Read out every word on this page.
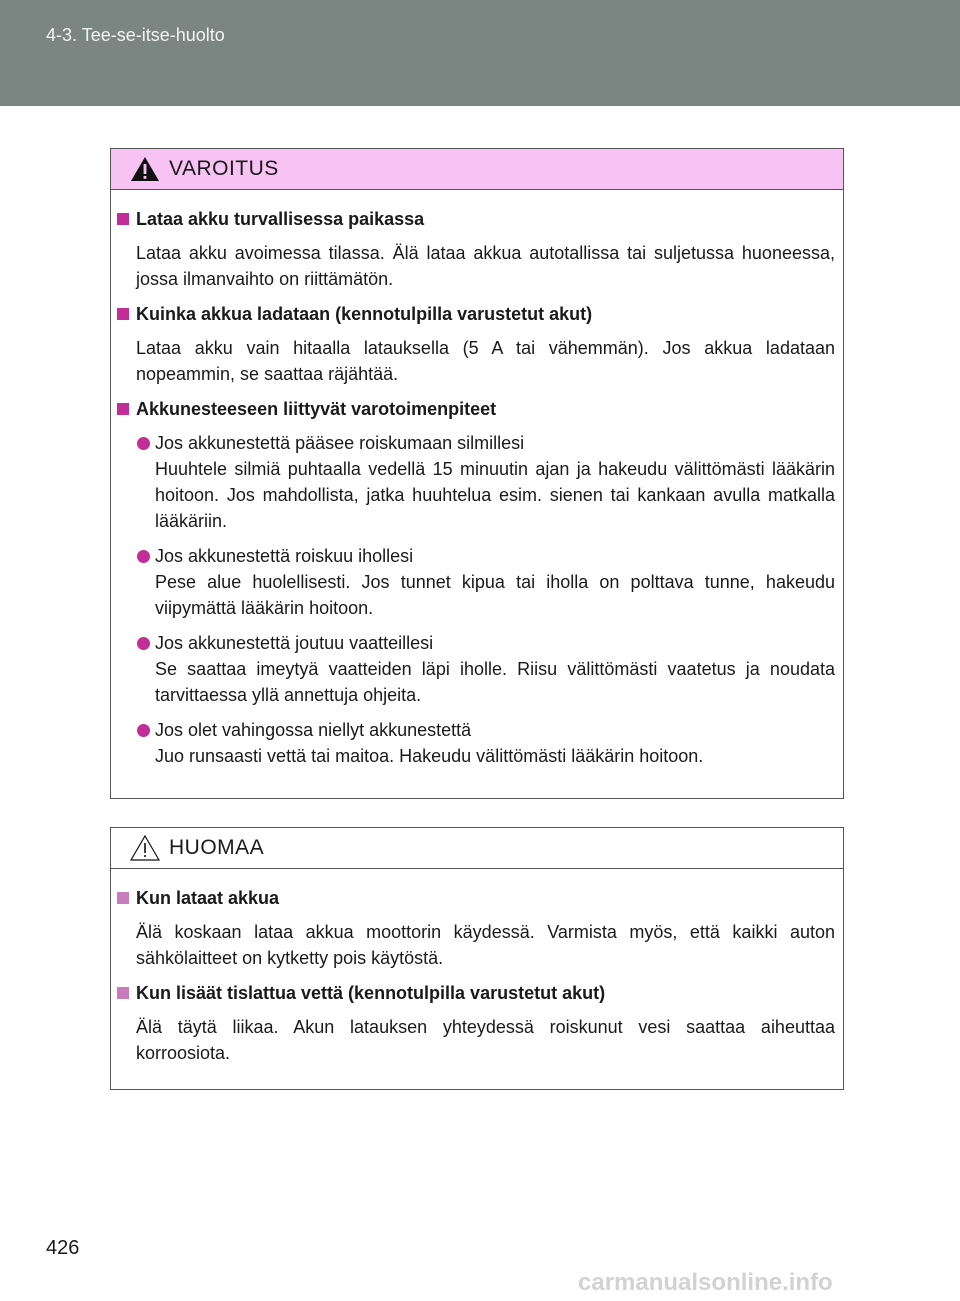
4-3. Tee-se-itse-huolto
VAROITUS
Lataa akku turvallisessa paikassa
Lataa akku avoimessa tilassa. Älä lataa akkua autotallissa tai suljetussa huoneessa, jossa ilmanvaihto on riittämätön.
Kuinka akkua ladataan (kennotulpilla varustetut akut)
Lataa akku vain hitaalla latauksella (5 A tai vähemmän). Jos akkua ladataan nopeammin, se saattaa räjähtää.
Akkunesteeseen liittyvät varotoimenpiteet
Jos akkunestettä pääsee roiskumaan silmillesi
Huuhtele silmiä puhtaalla vedellä 15 minuutin ajan ja hakeudu välittömästi lääkärin hoitoon. Jos mahdollista, jatka huuhtelua esim. sienen tai kankaan avulla matkalla lääkäriin.
Jos akkunestettä roiskuu ihollesi
Pese alue huolellisesti. Jos tunnet kipua tai iholla on polttava tunne, hakeudu viipymättä lääkärin hoitoon.
Jos akkunestettä joutuu vaatteillesi
Se saattaa imeytyä vaatteiden läpi iholle. Riisu välittömästi vaatetus ja noudata tarvittaessa yllä annettuja ohjeita.
Jos olet vahingossa niellyt akkunestettä
Juo runsaasti vettä tai maitoa. Hakeudu välittömästi lääkärin hoitoon.
HUOMAA
Kun lataat akkua
Älä koskaan lataa akkua moottorin käydessä. Varmista myös, että kaikki auton sähkölaitteet on kytketty pois käytöstä.
Kun lisäät tislattua vettä (kennotulpilla varustetut akut)
Älä täytä liikaa. Akun latauksen yhteydessä roiskunut vesi saattaa aiheuttaa korroosiota.
426
carmanualsonline.info
